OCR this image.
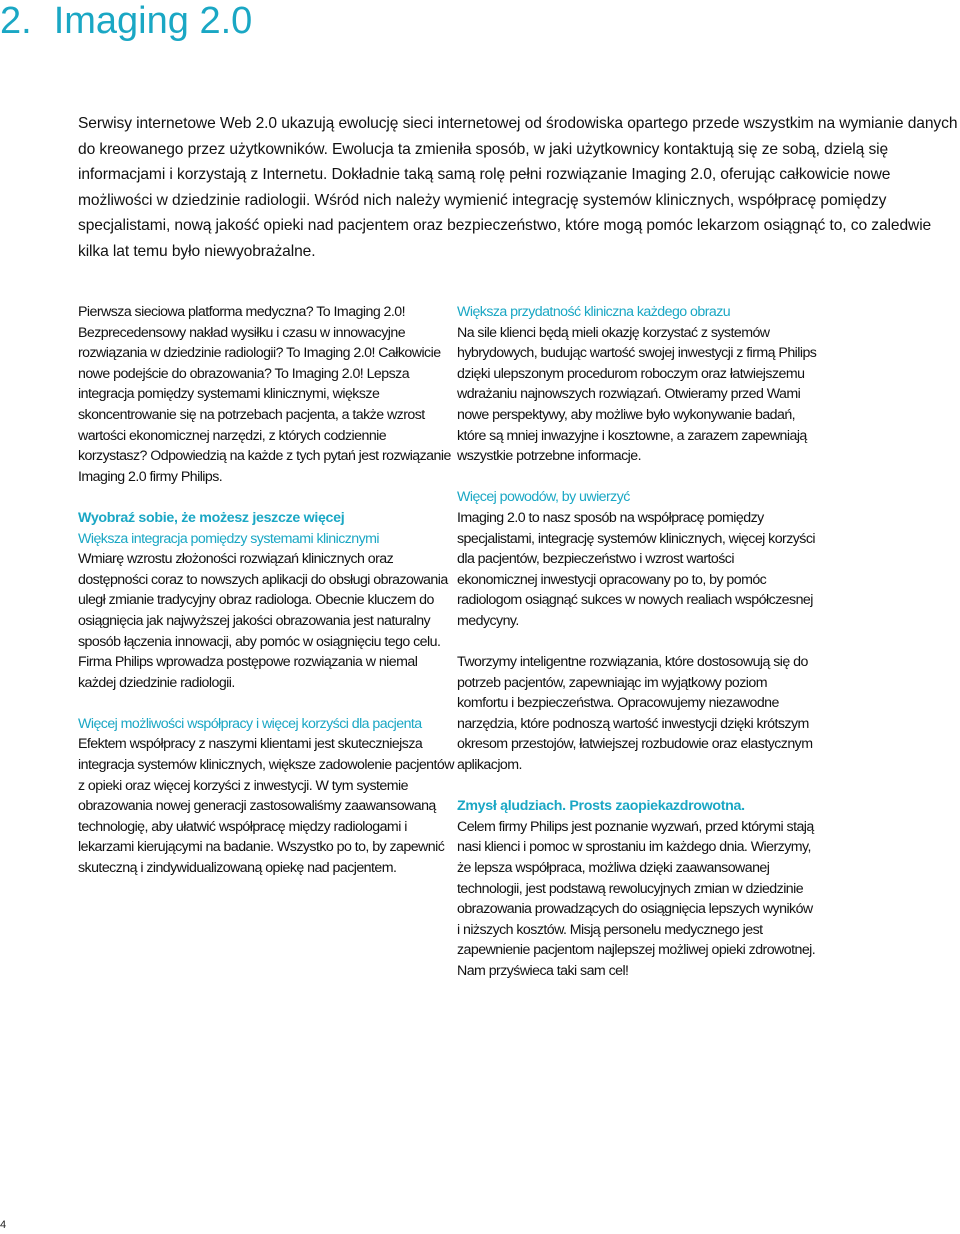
2. Imaging 2.0

Serwisy internetowe Web 2.0 ukazują ewolucję sieci internetowej od środowiska opartego przede wszystkim na wymianie danych do kreowanego przez użytkowników. Ewolucja ta zmieniła sposób, w jaki użytkownicy kontaktują się ze sobą, dzielą się informacjami i korzystają z Internetu. Dokładnie taką samą rolę pełni rozwiązanie Imaging 2.0, oferując całkowicie nowe możliwości w dziedzinie radiologii. Wśród nich należy wymienić integrację systemów klinicznych, współpracę pomiędzy specjalistami, nową jakość opieki nad pacjentem oraz bezpieczeństwo, które mogą pomóc lekarzom osiągnąć to, co zaledwie kilka lat temu było niewyobrażalne.

Pierwsza sieciowa platforma medyczna? To Imaging 2.0! Bezprecedensowy nakład wysiłku i czasu w innowacyjne rozwiązania w dziedzinie radiologii? To Imaging 2.0! Całkowicie nowe podejście do obrazowania? To Imaging 2.0! Lepsza integracja pomiędzy systemami klinicznymi, większe skoncentrowanie się na potrzebach pacjenta, a także wzrost wartości ekonomicznej narzędzi, z których codziennie korzystasz? Odpowiedzią na każde z tych pytań jest rozwiązanie Imaging 2.0 firmy Philips.

Wyobraź sobie, że możesz jeszcze więcej

Większa integracja pomiędzy systemami klinicznymi

Wmiarę wzrostu złożoności rozwiązań klinicznych oraz dostępności coraz to nowszych aplikacji do obsługi obrazowania uległ zmianie tradycyjny obraz radiologa. Obecnie kluczem do osiągnięcia jak najwyższej jakości obrazowania jest naturalny sposób łączenia innowacji, aby pomóc w osiągnięciu tego celu. Firma Philips wprowadza postępowe rozwiązania w niemal każdej dziedzinie radiologii.

Więcej możliwości współpracy i więcej korzyści dla pacjenta

Efektem współpracy z naszymi klientami jest skuteczniejsza integracja systemów klinicznych, większe zadowolenie pacjentów z opieki oraz więcej korzyści z inwestycji. W tym systemie obrazowania nowej generacji zastosowaliśmy zaawansowaną technologię, aby ułatwić współpracę między radiologami i lekarzami kierującymi na badanie. Wszystko po to, by zapewnić skuteczną i zindywidualizowaną opiekę nad pacjentem.

Większa przydatność kliniczna każdego obrazu

Na sile klienci będą mieli okazję korzystać z systemów hybrydowych, budując wartość swojej inwestycji z firmą Philips dzięki ulepszonym procedurom roboczym oraz łatwiejszemu wdrażaniu najnowszych rozwiązań. Otwieramy przed Wami nowe perspektywy, aby możliwe było wykonywanie badań, które są mniej inwazyjne i kosztowne, a zarazem zapewniają wszystkie potrzebne informacje.

Więcej powodów, by uwierzyć

Imaging 2.0 to nasz sposób na współpracę pomiędzy specjalistami, integrację systemów klinicznych, więcej korzyści dla pacjentów, bezpieczeństwo i wzrost wartości ekonomicznej inwestycji opracowany po to, by pomóc radiologom osiągnąć sukces w nowych realiach współczesnej medycyny.

Tworzymy inteligentne rozwiązania, które dostosowują się do potrzeb pacjentów, zapewniając im wyjątkowy poziom komfortu i bezpieczeństwa. Opracowujemy niezawodne narzędzia, które podnoszą wartość inwestycji dzięki krótszym okresom przestojów, łatwiejszej rozbudowie oraz elastycznym aplikacjom.

Zmysł ąludziach. Prosts zaopiekazdrowotna.

Celem firmy Philips jest poznanie wyzwań, przed którymi stają nasi klienci i pomoc w sprostaniu im każdego dnia. Wierzymy, że lepsza współpraca, możliwa dzięki zaawansowanej technologii, jest podstawą rewolucyjnych zmian w dziedzinie obrazowania prowadzących do osiągnięcia lepszych wyników i niższych kosztów. Misją personelu medycznego jest zapewnienie pacjentom najlepszej możliwej opieki zdrowotnej. Nam przyświeca taki sam cel!

4
